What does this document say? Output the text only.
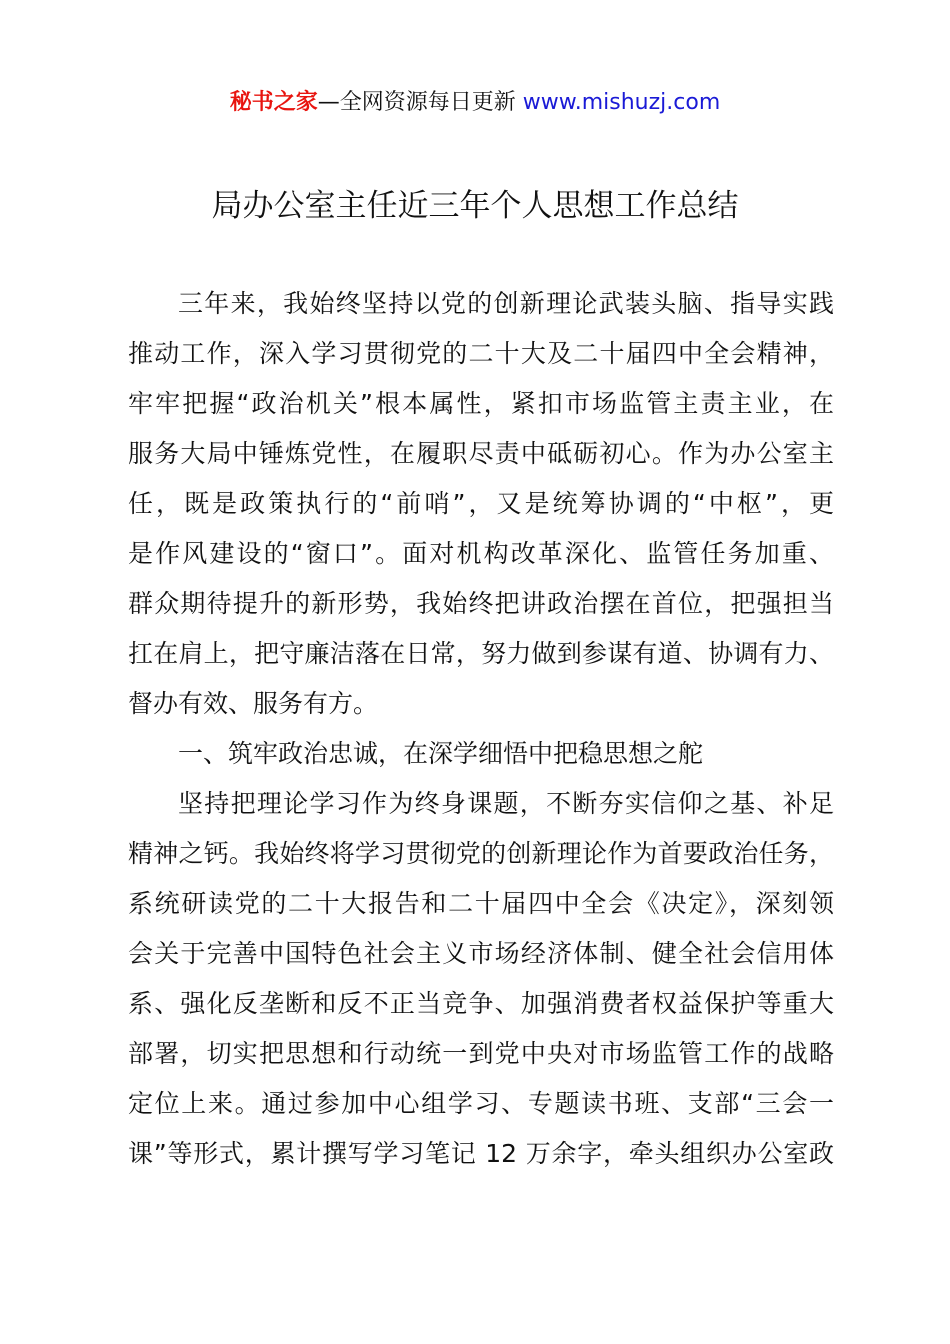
秘书之家—全网资源每日更新 www.mishuzj.com
局办公室主任近三年个人思想工作总结
三年来，我始终坚持以党的创新理论武装头脑、指导实践
推动工作，深入学习贯彻党的二十大及二十届四中全会精神，
牢牢把握“政治机关”根本属性，紧扣市场监管主责主业，在
服务大局中锤炼党性，在履职尽责中砥砺初心。作为办公室主
任，既是政策执行的“前哨”，又是统筹协调的“中枢”，更
是作风建设的“窗口”。面对机构改革深化、监管任务加重、
群众期待提升的新形势，我始终把讲政治摆在首位，把强担当
扛在肩上，把守廉洁落在日常，努力做到参谋有道、协调有力、
督办有效、服务有方。
一、筑牢政治忠诚，在深学细悟中把稳思想之舵
坚持把理论学习作为终身课题，不断夯实信仰之基、补足
精神之钙。我始终将学习贯彻党的创新理论作为首要政治任务，
系统研读党的二十大报告和二十届四中全会《决定》，深刻领
会关于完善中国特色社会主义市场经济体制、健全社会信用体
系、强化反垄断和反不正当竞争、加强消费者权益保护等重大
部署，切实把思想和行动统一到党中央对市场监管工作的战略
定位上来。通过参加中心组学习、专题读书班、支部“三会一
课”等形式，累计撰写学习笔记 12 万余字，牵头组织办公室政
